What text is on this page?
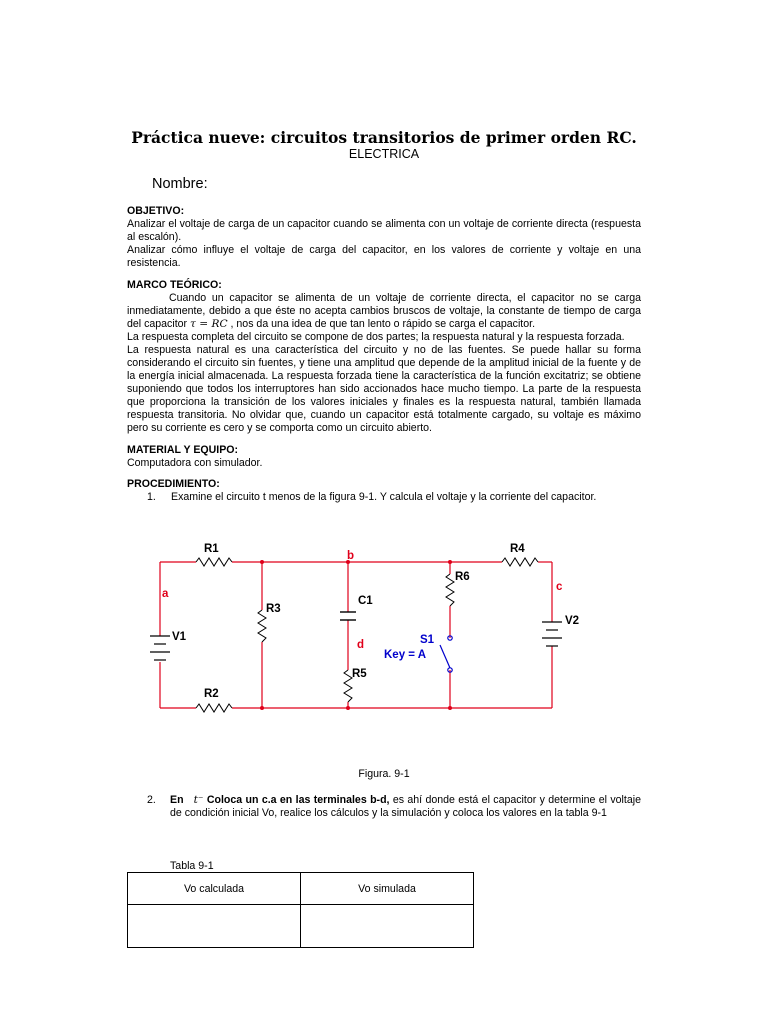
Práctica nueve: circuitos transitorios de primer orden RC.
ELECTRICA
Nombre:
OBJETIVO:
Analizar el voltaje de carga de un capacitor cuando se alimenta con un voltaje de corriente directa (respuesta al escalón).
Analizar cómo influye el voltaje de carga del capacitor, en los valores de corriente y voltaje en una resistencia.
MARCO TEÓRICO:
Cuando un capacitor se alimenta de un voltaje de corriente directa, el capacitor no se carga inmediatamente, debido a que éste no acepta cambios bruscos de voltaje, la constante de tiempo de carga del capacitor τ = RC , nos da una idea de que tan lento o rápido se carga el capacitor.
La respuesta completa del circuito se compone de dos partes; la respuesta natural y la respuesta forzada.
La respuesta natural es una característica del circuito y no de las fuentes. Se puede hallar su forma considerando el circuito sin fuentes, y tiene una amplitud que depende de la amplitud inicial de la fuente y de la energía inicial almacenada. La respuesta forzada tiene la característica de la función excitatriz; se obtiene suponiendo que todos los interruptores han sido accionados hace mucho tiempo. La parte de la respuesta que proporciona la transición de los valores iniciales y finales es la respuesta natural, también llamada respuesta transitoria. No olvidar que, cuando un capacitor está totalmente cargado, su voltaje es máximo pero su corriente es cero y se comporta como un circuito abierto.
MATERIAL Y EQUIPO:
Computadora con simulador.
PROCEDIMIENTO:
1. Examine el circuito t menos de la figura 9-1. Y calcula el voltaje y la corriente del capacitor.
R1
R2
R3
R4
R5
R6
C1
V1
V2
S1
Key = A
a
b
c
d
Figura. 9-1
2. En t⁻ Coloca un c.a en las terminales b-d, es ahí donde está el capacitor y determine el voltaje de condición inicial Vo, realice los cálculos y la simulación y coloca los valores en la tabla 9-1
Tabla 9-1
Vo calculada	Vo simulada
